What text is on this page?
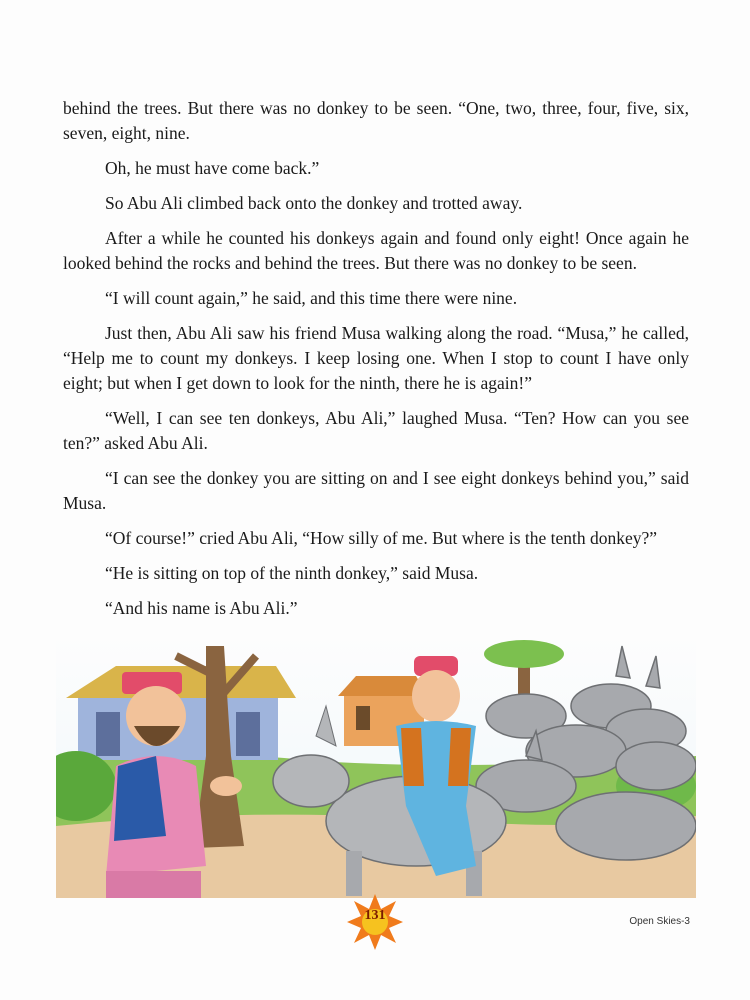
behind the trees. But there was no donkey to be seen. “One, two, three, four, five, six, seven, eight, nine.

Oh, he must have come back.”

So Abu Ali climbed back onto the donkey and trotted away.

After a while he counted his donkeys again and found only eight! Once again he looked behind the rocks and behind the trees. But there was no donkey to be seen.

“I will count again,” he said, and this time there were nine.

Just then, Abu Ali saw his friend Musa walking along the road. “Musa,” he called, “Help me to count my donkeys. I keep losing one. When I stop to count I have only eight; but when I get down to look for the ninth, there he is again!”

“Well, I can see ten donkeys, Abu Ali,” laughed Musa. “Ten? How can you see ten?” asked Abu Ali.

“I can see the donkey you are sitting on and I see eight donkeys behind you,” said Musa.

“Of course!” cried Abu Ali, “How silly of me. But where is the tenth donkey?”

“He is sitting on top of the ninth donkey,” said Musa.

“And his name is Abu Ali.”

131	Open Skies-3
